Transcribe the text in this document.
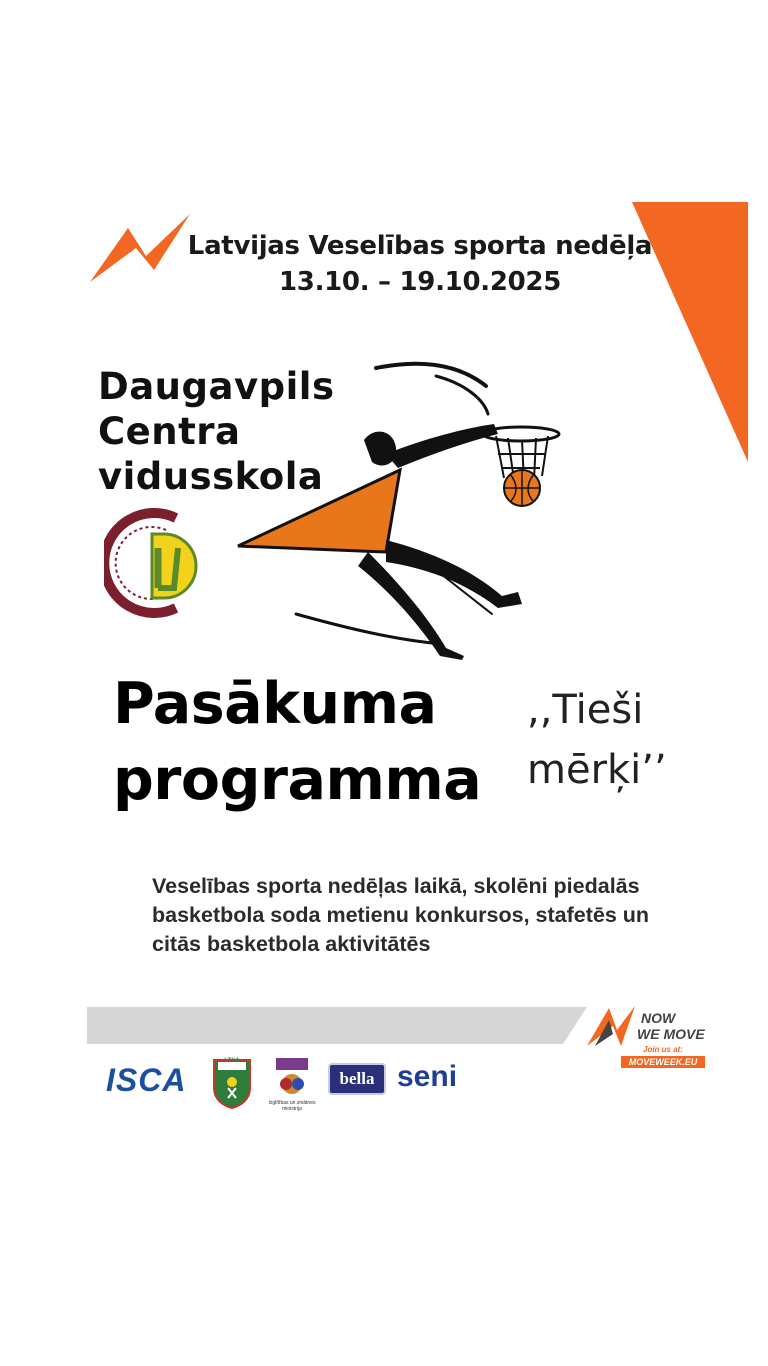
Latvijas Veselības sporta nedēļa
13.10. – 19.10.2025
Daugavpils
Centra
vidusskola
Pasākuma
programma
,,Tieši
mērķi’’
Veselības sporta nedēļas laikā, skolēni piedalās
basketbola soda metienu konkursos, stafetēs un
citās basketbola aktivitātēs
NOW
WE MOVE
Join us at:
MOVEWEEK.EU
ISCA
LTSA
Izglītības un zinātnes ministrija
bella seni
